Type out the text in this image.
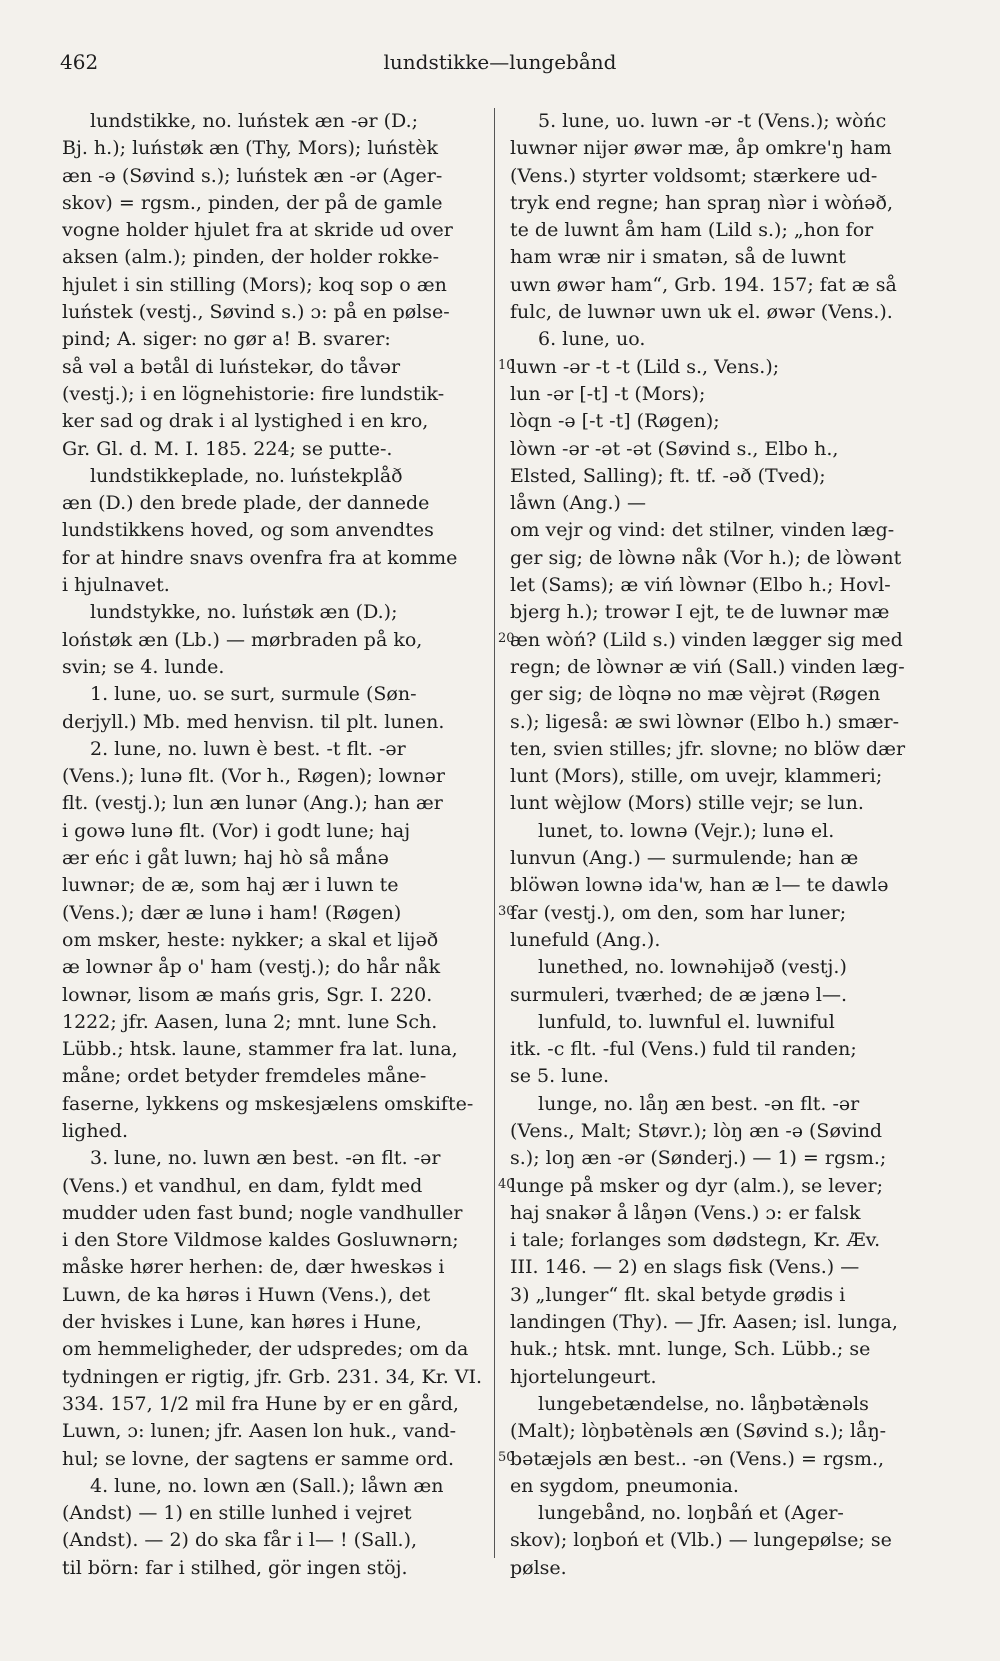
462	lundstikke—lungebånd
lundstikke, no. luństek æn -ər (D.;
Bj. h.); luństøk æn (Thy, Mors); luństèk
æn -ə (Søvind s.); luństek æn -ər (Ager-
skov) = rgsm., pinden, der på de gamle
vogne holder hjulet fra at skride ud over
aksen (alm.); pinden, der holder rokke-
hjulet i sin stilling (Mors); koq sop o æn
luństek (vestj., Søvind s.) ɔ: på en pølse-
pind; A. siger: no gør a! B. svarer:
så vəl a bətål di luństekər, do tåvər
(vestj.); i en lögnehistorie: fire lundstik-
ker sad og drak i al lystighed i en kro,
Gr. Gl. d. M. I. 185. 224; se putte-.
lundstikkeplade, no. luństekplåð
æn (D.) den brede plade, der dannede
lundstikkens hoved, og som anvendtes
for at hindre snavs ovenfra fra at komme
i hjulnavet.
lundstykke, no. luństøk æn (D.);
loństøk æn (Lb.) — mørbraden på ko,
svin; se 4. lunde.
1. lune, uo. se surt, surmule (Søn-
derjyll.) Mb. med henvisn. til plt. lunen.
2. lune, no. luwn è best. -t flt. -ər
(Vens.); lunə flt. (Vor h., Røgen); lownər
flt. (vestj.); lun æn lunər (Ang.); han ær
i gowə lunə flt. (Vor) i godt lune; haj
ær eńc i gåt luwn; haj hò så mǻnə
luwnər; de æ, som haj ær i luwn te
(Vens.); dær æ lunə i ham! (Røgen)
om msker, heste: nykker; a skal et lijəð
æ lownər åp o' ham (vestj.); do hår nåk
lownər, lisom æ mańs gris, Sgr. I. 220.
1222; jfr. Aasen, luna 2; mnt. lune Sch.
Lübb.; htsk. laune, stammer fra lat. luna,
måne; ordet betyder fremdeles måne-
faserne, lykkens og mskesjælens omskifte-
lighed.
3. lune, no. luwn æn best. -ən flt. -ər
(Vens.) et vandhul, en dam, fyldt med
mudder uden fast bund; nogle vandhuller
i den Store Vildmose kaldes Gosluwnərn;
måske hører herhen: de, dær hweskəs i
Luwn, de ka hørəs i Huwn (Vens.), det
der hviskes i Lune, kan høres i Hune,
om hemmeligheder, der udspredes; om da
tydningen er rigtig, jfr. Grb. 231. 34, Kr. VI.
334. 157, 1/2 mil fra Hune by er en gård,
Luwn, ɔ: lunen; jfr. Aasen lon huk., vand-
hul; se lovne, der sagtens er samme ord.
4. lune, no. lown æn (Sall.); låwn æn
(Andst) — 1) en stille lunhed i vejret
(Andst). — 2) do ska får i l— ! (Sall.),
til börn: far i stilhed, gör ingen stöj.
5. lune, uo. luwn -ər -t (Vens.); wòńc
luwnər nijər øwər mæ, åp omkre'ŋ ham
(Vens.) styrter voldsomt; stærkere ud-
tryk end regne; han spraŋ nìər i wòńəð,
te de luwnt åm ham (Lild s.); „hon for
ham wræ nir i smatən, så de luwnt
uwn øwər ham“, Grb. 194. 157; fat æ så
fulc, de luwnər uwn uk el. øwər (Vens.).
6. lune, uo.
luwn -ər -t -t (Lild s., Vens.);
lun -ər [-t] -t (Mors);
lòqn -ə [-t -t] (Røgen);
lòwn -ər -ət -ət (Søvind s., Elbo h.,
Elsted, Salling); ft. tf. -əð (Tved);
låwn (Ang.) —
om vejr og vind: det stilner, vinden læg-
ger sig; de lòwnə nåk (Vor h.); de lòwənt
let (Sams); æ viń lòwnər (Elbo h.; Hovl-
bjerg h.); trowər I ejt, te de luwnər mæ
æn wòń? (Lild s.) vinden lægger sig med
regn; de lòwnər æ viń (Sall.) vinden læg-
ger sig; de lòqnə no mæ vèjrət (Røgen
s.); ligeså: æ swi lòwnər (Elbo h.) smær-
ten, svien stilles; jfr. slovne; no blöw dær
lunt (Mors), stille, om uvejr, klammeri;
lunt wèjlow (Mors) stille vejr; se lun.
lunet, to. lownə (Vejr.); lunə el.
lunvun (Ang.) — surmulende; han æ
blöwən lownə ida'w, han æ l— te dawlə
far (vestj.), om den, som har luner;
lunefuld (Ang.).
lunethed, no. lownəhijəð (vestj.)
surmuleri, tværhed; de æ jænə l—.
lunfuld, to. luwnful el. luwniful
itk. -c flt. -ful (Vens.) fuld til randen;
se 5. lune.
lunge, no. låŋ æn best. -ən flt. -ər
(Vens., Malt; Støvr.); lòŋ æn -ə (Søvind
s.); loŋ æn -ər (Sønderj.) — 1) = rgsm.;
lunge på msker og dyr (alm.), se lever;
haj snakər å låŋən (Vens.) ɔ: er falsk
i tale; forlanges som dødstegn, Kr. Æv.
III. 146. — 2) en slags fisk (Vens.) —
3) „lunger“ flt. skal betyde grødis i
landingen (Thy). — Jfr. Aasen; isl. lunga,
huk.; htsk. mnt. lunge, Sch. Lübb.; se
hjortelungeurt.
lungebetændelse, no. låŋbətæ̀nəls
(Malt); lòŋbətènəls æn (Søvind s.); låŋ-
bətæjəls æn best.. -ən (Vens.) = rgsm.,
en sygdom, pneumonia.
lungebånd, no. loŋbåń et (Ager-
skov); loŋboń et (Vlb.) — lungepølse; se
pølse.
10
20
30
40
50
